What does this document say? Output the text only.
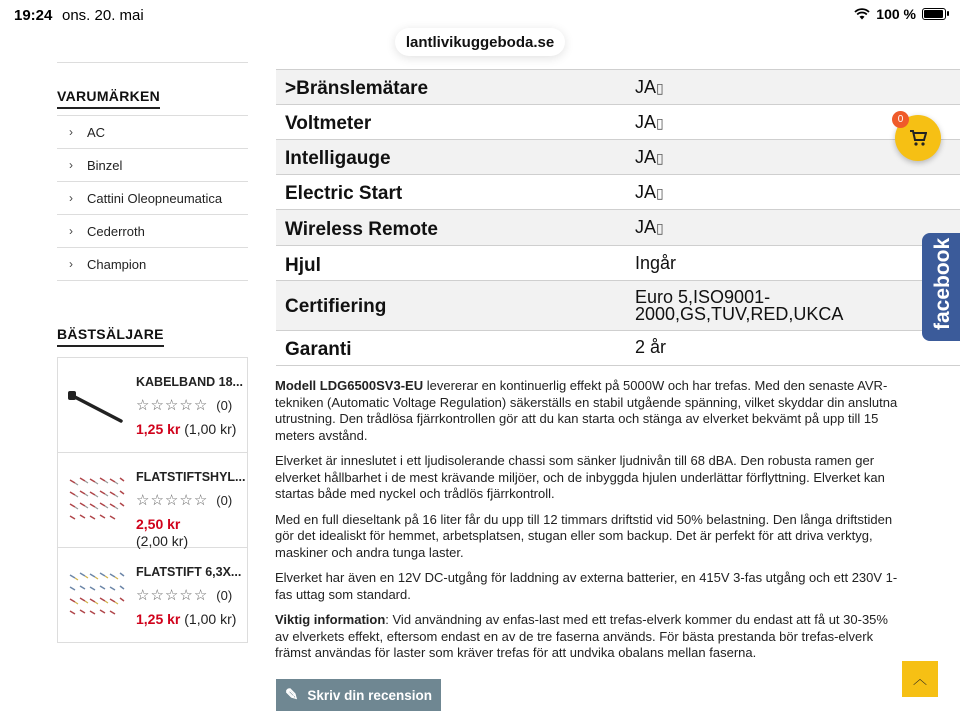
19:24 ons. 20. mai	100 %
lantlivikuggeboda.se
VARUMÄRKEN
›	AC
›	Binzel
›	Cattini Oleopneumatica
›	Cederroth
›	Champion
BÄSTSÄLJARE
KABELBAND 18...
☆ ☆ ☆ ☆ ☆ (0)
1,25 kr (1,00 kr)
FLATSTIFTSHYL...
☆ ☆ ☆ ☆ ☆ (0)
2,50 kr
(2,00 kr)
FLATSTIFT 6,3X...
☆ ☆ ☆ ☆ ☆ (0)
1,25 kr (1,00 kr)
>Bränslemätare	JA▯
Voltmeter	JA▯
Intelligauge	JA▯
Electric Start	JA▯
Wireless Remote	JA▯
Hjul	Ingår
Certifiering	Euro 5,ISO9001-2000,GS,TUV,RED,UKCA
Garanti	2 år

Modell LDG6500SV3-EU levererar en kontinuerlig effekt på 5000W och har trefas. Med den senaste AVR-tekniken (Automatic Voltage Regulation) säkerställs en stabil utgående spänning, vilket skyddar din anslutna utrustning. Den trådlösa fjärrkontrollen gör att du kan starta och stänga av elverket bekvämt på upp till 15 meters avstånd.

Elverket är inneslutet i ett ljudisolerande chassi som sänker ljudnivån till 68 dBA. Den robusta ramen ger elverket hållbarhet i de mest krävande miljöer, och de inbyggda hjulen underlättar förflyttning. Elverket kan startas både med nyckel och trådlös fjärrkontroll.

Med en full dieseltank på 16 liter får du upp till 12 timmars driftstid vid 50% belastning. Den långa driftstiden gör det idealiskt för hemmet, arbetsplatsen, stugan eller som backup. Det är perfekt för att driva verktyg, maskiner och andra tunga laster.

Elverket har även en 12V DC-utgång för laddning av externa batterier, en 415V 3-fas utgång och ett 230V 1-fas uttag som standard.

Viktig information: Vid användning av enfas-last med ett trefas-elverk kommer du endast att få ut 30-35% av elverkets effekt, eftersom endast en av de tre faserna används. För bästa prestanda bör trefas-elverk främst användas för laster som kräver trefas för att undvika obalans mellan faserna.

✎ Skriv din recension
0
facebook
︿
